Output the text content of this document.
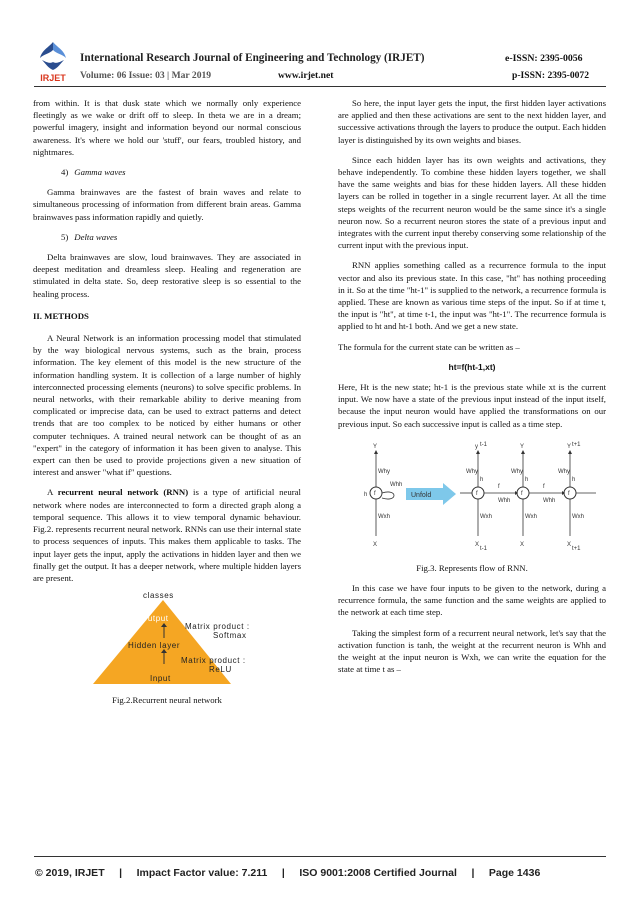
IRJET
International Research Journal of Engineering and Technology (IRJET)	e-ISSN: 2395-0056
Volume: 06 Issue: 03 | Mar 2019	www.irjet.net	p-ISSN: 2395-0072

from within. It is that dusk state which we normally only experience fleetingly as we wake or drift off to sleep. In theta we are in a dream; powerful imagery, insight and information beyond our normal conscious awareness. It's where we hold our 'stuff', our fears, troubled history, and nightmares.

4) Gamma waves

Gamma brainwaves are the fastest of brain waves and relate to simultaneous processing of information from different brain areas. Gamma brainwaves pass information rapidly and quietly.

5) Delta waves

Delta brainwaves are slow, loud brainwaves. They are associated in deepest meditation and dreamless sleep. Healing and regeneration are stimulated in delta state. So, deep restorative sleep is so essential to the healing process.

II. METHODS

A Neural Network is an information processing model that stimulated by the way biological nervous systems, such as the brain, process information. The key element of this model is the new structure of the information handling system. It is collection of a large number of highly interconnected processing elements (neurons) to solve specific problems. In neural networks, with their remarkable ability to derive meaning from complicated or imprecise data, can be used to extract patterns and detect trends that are too complex to be noticed by either humans or other computer techniques. A trained neural network can be thought of as an "expert" in the category of information it has been given to analyse. This expert can then be used to provide projections given a new situation of interest and answer "what if" questions.

A recurrent neural network (RNN) is a type of artificial neural network where nodes are interconnected to form a directed graph along a temporal sequence. This allows it to view temporal dynamic behaviour. Fig.2. represents recurrent neural network. RNNs can use their internal state to process sequences of inputs. This makes them applicable to tasks. The input layer gets the input, apply the activations in hidden layer and then we finally get the output. It has a deeper network, where multiple hidden layers are present.

classes
Output
Matrix product :
Softmax
Hidden layer
Matrix product :
ReLU
Input

Fig.2.Recurrent neural network

So here, the input layer gets the input, the first hidden layer activations are applied and then these activations are sent to the next hidden layer, and successive activations through the layers to produce the output. Each hidden layer is distinguished by its own weights and biases.

Since each hidden layer has its own weights and activations, they behave independently. To combine these hidden layers together, we shall have the same weights and bias for these hidden layers. All these hidden layers can be rolled in together in a single recurrent layer. At all the time steps weights of the recurrent neuron would be the same since it's a single neuron now. So a recurrent neuron stores the state of a previous input and integrates with the current input thereby conserving some relationship of the current input with the previous input.

RNN applies something called as a recurrence formula to the input vector and also its previous state. In this case, "ht" has nothing proceeding in it. So at the time "ht-1" is supplied to the network, a recurrence formula is applied. These are known as various time steps of the input. So if at time t, the input is "ht", at time t-1, the input was "ht-1". The recurrence formula is applied to ht and ht-1 both. And we get a new state.

The formula for the current state can be written as –

ht=f(ht-1,xt)

Here, Ht is the new state; ht-1 is the previous state while xt is the current input. We now have a state of the previous input instead of the input itself, because the input neuron would have applied the transformations on our previous input. So each successive input is called as a time step.

f
Y
Why
Wxh
X
h
Whh
Unfold	f
y t-1
Why
h
Wxh
X
t-1
f
Y
Why
h
Wxh
X
f
Y t+1
Why
h
Wxh
X
t+1
Whh	Whh
f	f

Fig.3. Represents flow of RNN.

In this case we have four inputs to be given to the network, during a recurrence formula, the same function and the same weights are applied to the network at each time step.

Taking the simplest form of a recurrent neural network, let's say that the activation function is tanh, the weight at the recurrent neuron is Whh and the weight at the input neuron is Wxh, we can write the equation for the state at time t as –

© 2019, IRJET | Impact Factor value: 7.211 | ISO 9001:2008 Certified Journal | Page 1436
